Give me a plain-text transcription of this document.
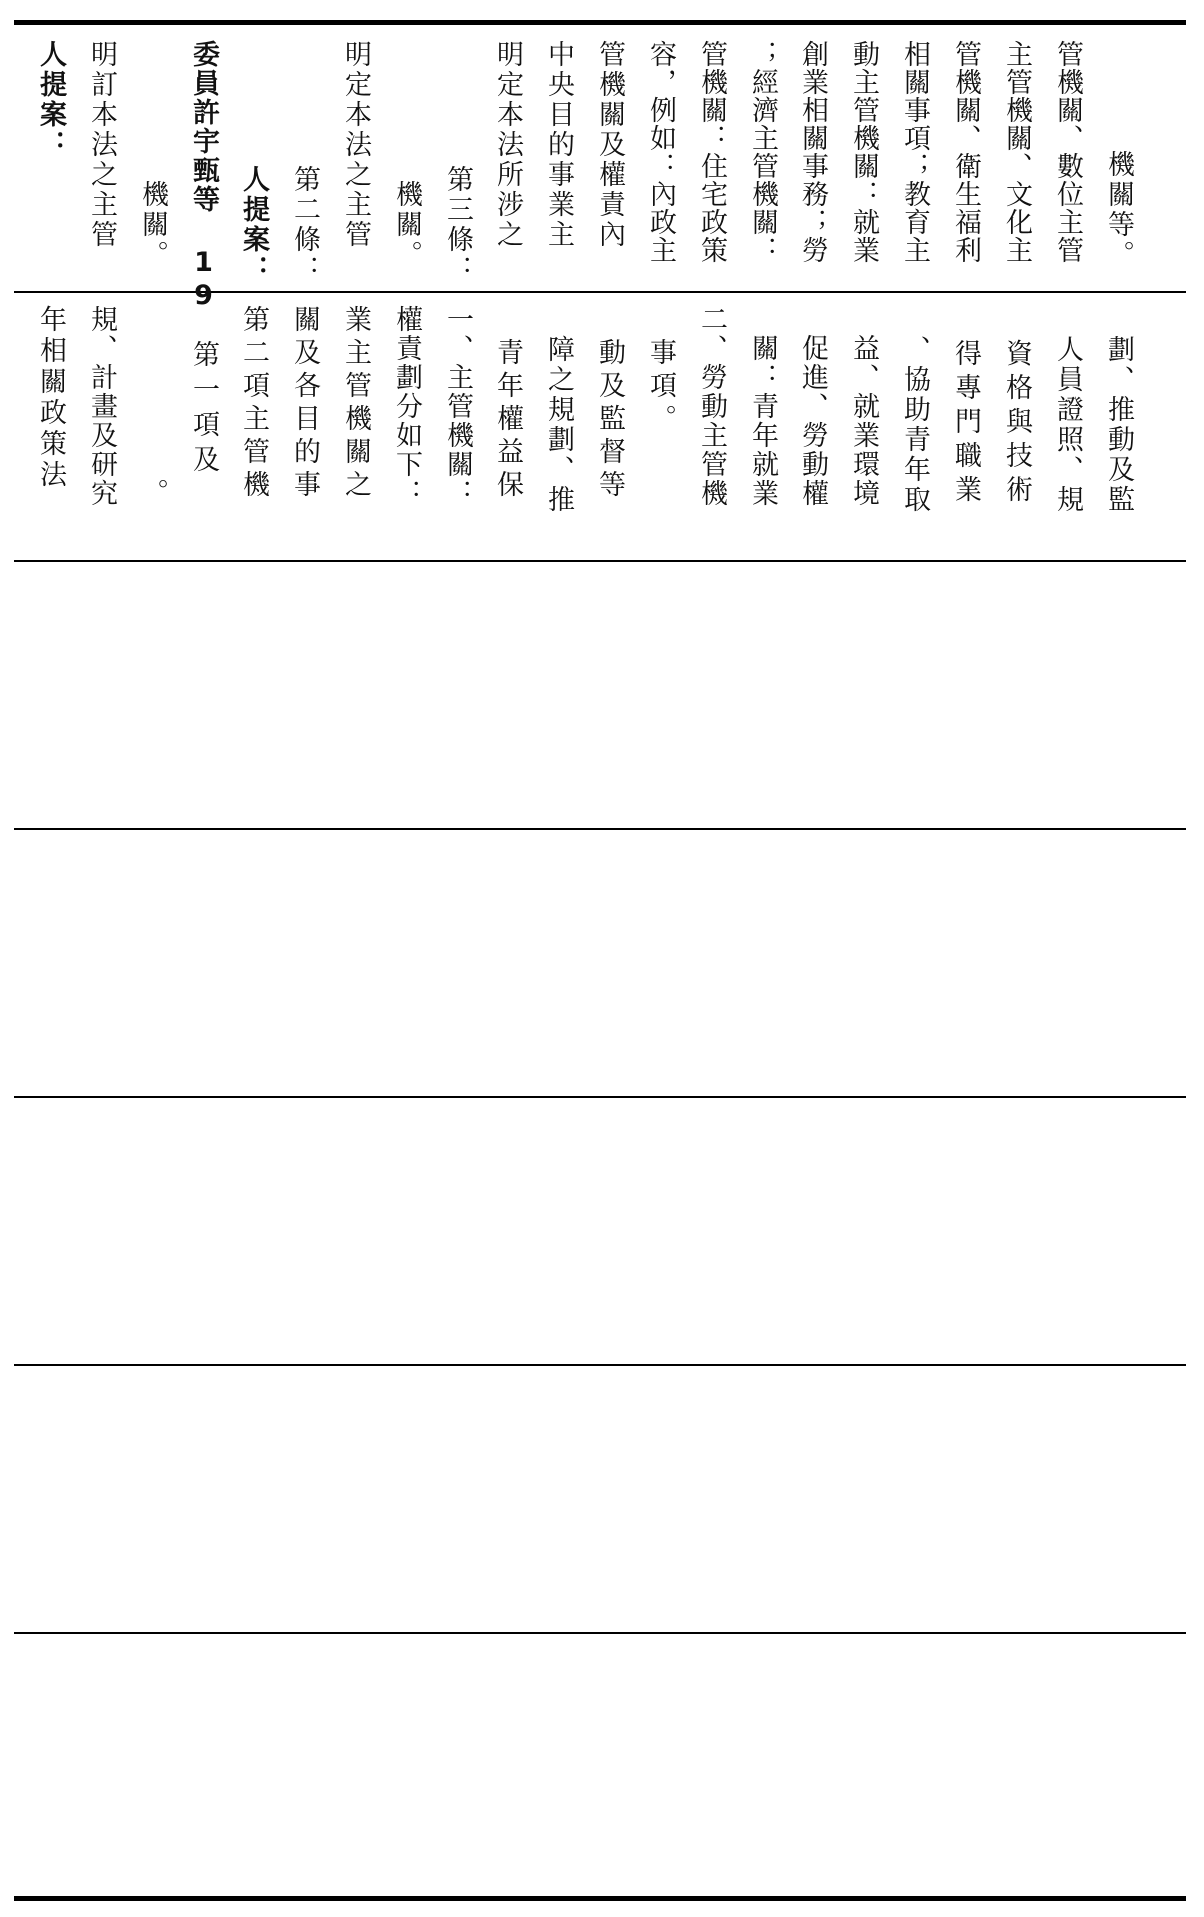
人提案： 明訂本法之主管 機關。 委員許宇甄等 19 人提案： 第二條： 明定本法之主管 機關。 第三條： 明定本法所涉之 中央目的事業主 管機關及權責內 容，例如：內政主 管機關：住宅政策 ；經濟主管機關： 創業相關事務；勞 動主管機關：就業 相關事項；教育主 管機關、衛生福利 主管機關、文化主 管機關、數位主管 機關等。
年相關政策法 規、計畫及研究 。
　第一項及 第二項主管機 關及各目的事 業主管機關之 權責劃分如下： 一、主管機關： 　青年權益保 　障之規劃、推 　動及監督等 　事項。 二、勞動主管機 　關：青年就業 　促進、勞動權 　益、就業環境 　、協助青年取 　得專門職業 　資格與技術 　人員證照、規 　劃、推動及監
